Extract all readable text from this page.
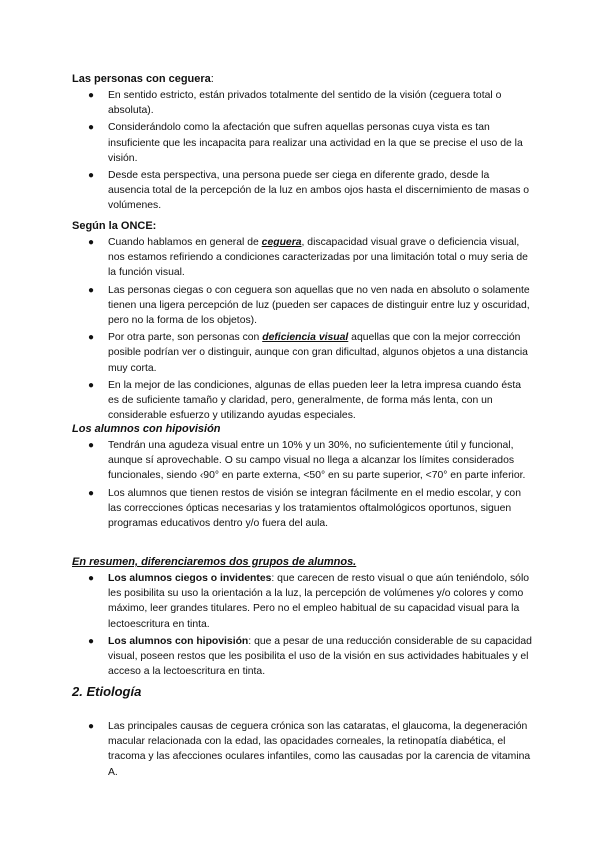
Las personas con ceguera:
● En sentido estricto, están privados totalmente del sentido de la visión (ceguera total o absoluta).
● Considerándolo como la afectación que sufren aquellas personas cuya vista es tan insuficiente que les incapacita para realizar una actividad en la que se precise el uso de la visión.
● Desde esta perspectiva, una persona puede ser ciega en diferente grado, desde la ausencia total de la percepción de la luz en ambos ojos hasta el discernimiento de masas o volúmenes.
Según la ONCE:
● Cuando hablamos en general de ceguera, discapacidad visual grave o deficiencia visual, nos estamos refiriendo a condiciones caracterizadas por una limitación total o muy seria de la función visual.
● Las personas ciegas o con ceguera son aquellas que no ven nada en absoluto o solamente tienen una ligera percepción de luz (pueden ser capaces de distinguir entre luz y oscuridad, pero no la forma de los objetos).
● Por otra parte, son personas con deficiencia visual aquellas que con la mejor corrección posible podrían ver o distinguir, aunque con gran dificultad, algunos objetos a una distancia muy corta.
● En la mejor de las condiciones, algunas de ellas pueden leer la letra impresa cuando ésta es de suficiente tamaño y claridad, pero, generalmente, de forma más lenta, con un considerable esfuerzo y utilizando ayudas especiales.
Los alumnos con hipovisión
● Tendrán una agudeza visual entre un 10% y un 30%, no suficientemente útil y funcional, aunque sí aprovechable. O su campo visual no llega a alcanzar los límites considerados funcionales, siendo ‹90° en parte externa, <50° en su parte superior, <70° en parte inferior.
● Los alumnos que tienen restos de visión se integran fácilmente en el medio escolar, y con las correcciones ópticas necesarias y los tratamientos oftalmológicos oportunos, siguen programas educativos dentro y/o fuera del aula.
En resumen, diferenciaremos dos grupos de alumnos.
● Los alumnos ciegos o invidentes: que carecen de resto visual o que aún teniéndolo, sólo les posibilita su uso la orientación a la luz, la percepción de volúmenes y/o colores y como máximo, leer grandes titulares. Pero no el empleo habitual de su capacidad visual para la lectoescritura en tinta.
● Los alumnos con hipovisión: que a pesar de una reducción considerable de su capacidad visual, poseen restos que les posibilita el uso de la visión en sus actividades habituales y el acceso a la lectoescritura en tinta.
2. Etiología
● Las principales causas de ceguera crónica son las cataratas, el glaucoma, la degeneración macular relacionada con la edad, las opacidades corneales, la retinopatía diabética, el tracoma y las afecciones oculares infantiles, como las causadas por la carencia de vitamina A.
